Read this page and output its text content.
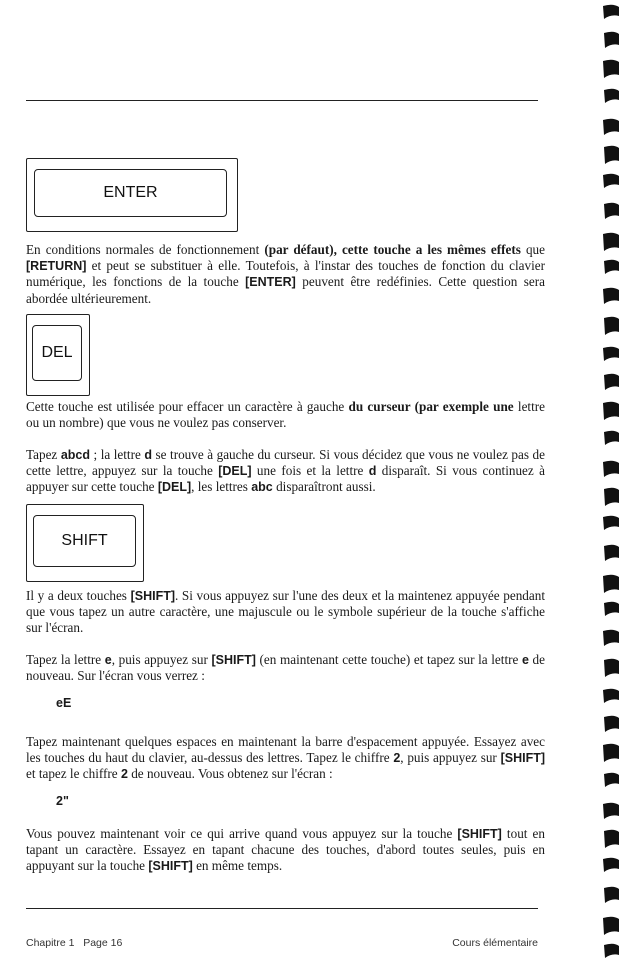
ENTER

En conditions normales de fonctionnement (par défaut), cette touche a les mêmes effets que [RETURN] et peut se substituer à elle. Toutefois, à l'instar des touches de fonction du clavier numérique, les fonctions de la touche [ENTER] peuvent être redéfinies. Cette question sera abordée ultérieurement.

DEL

Cette touche est utilisée pour effacer un caractère à gauche du curseur (par exemple une lettre ou un nombre) que vous ne voulez pas conserver.

Tapez abcd ; la lettre d se trouve à gauche du curseur. Si vous décidez que vous ne voulez pas de cette lettre, appuyez sur la touche [DEL] une fois et la lettre d disparaît. Si vous continuez à appuyer sur cette touche [DEL], les lettres abc disparaîtront aussi.

SHIFT

Il y a deux touches [SHIFT]. Si vous appuyez sur l'une des deux et la maintenez appuyée pendant que vous tapez un autre caractère, une majuscule ou le symbole supérieur de la touche s'affiche sur l'écran.

Tapez la lettre e, puis appuyez sur [SHIFT] (en maintenant cette touche) et tapez sur la lettre e de nouveau. Sur l'écran vous verrez :

eE

Tapez maintenant quelques espaces en maintenant la barre d'espacement appuyée. Essayez avec les touches du haut du clavier, au-dessus des lettres. Tapez le chiffre 2, puis appuyez sur [SHIFT] et tapez le chiffre 2 de nouveau. Vous obtenez sur l'écran :

2"

Vous pouvez maintenant voir ce qui arrive quand vous appuyez sur la touche [SHIFT] tout en tapant un caractère. Essayez en tapant chacune des touches, d'abord toutes seules, puis en appuyant sur la touche [SHIFT] en même temps.

Chapitre 1   Page 16	Cours élémentaire
